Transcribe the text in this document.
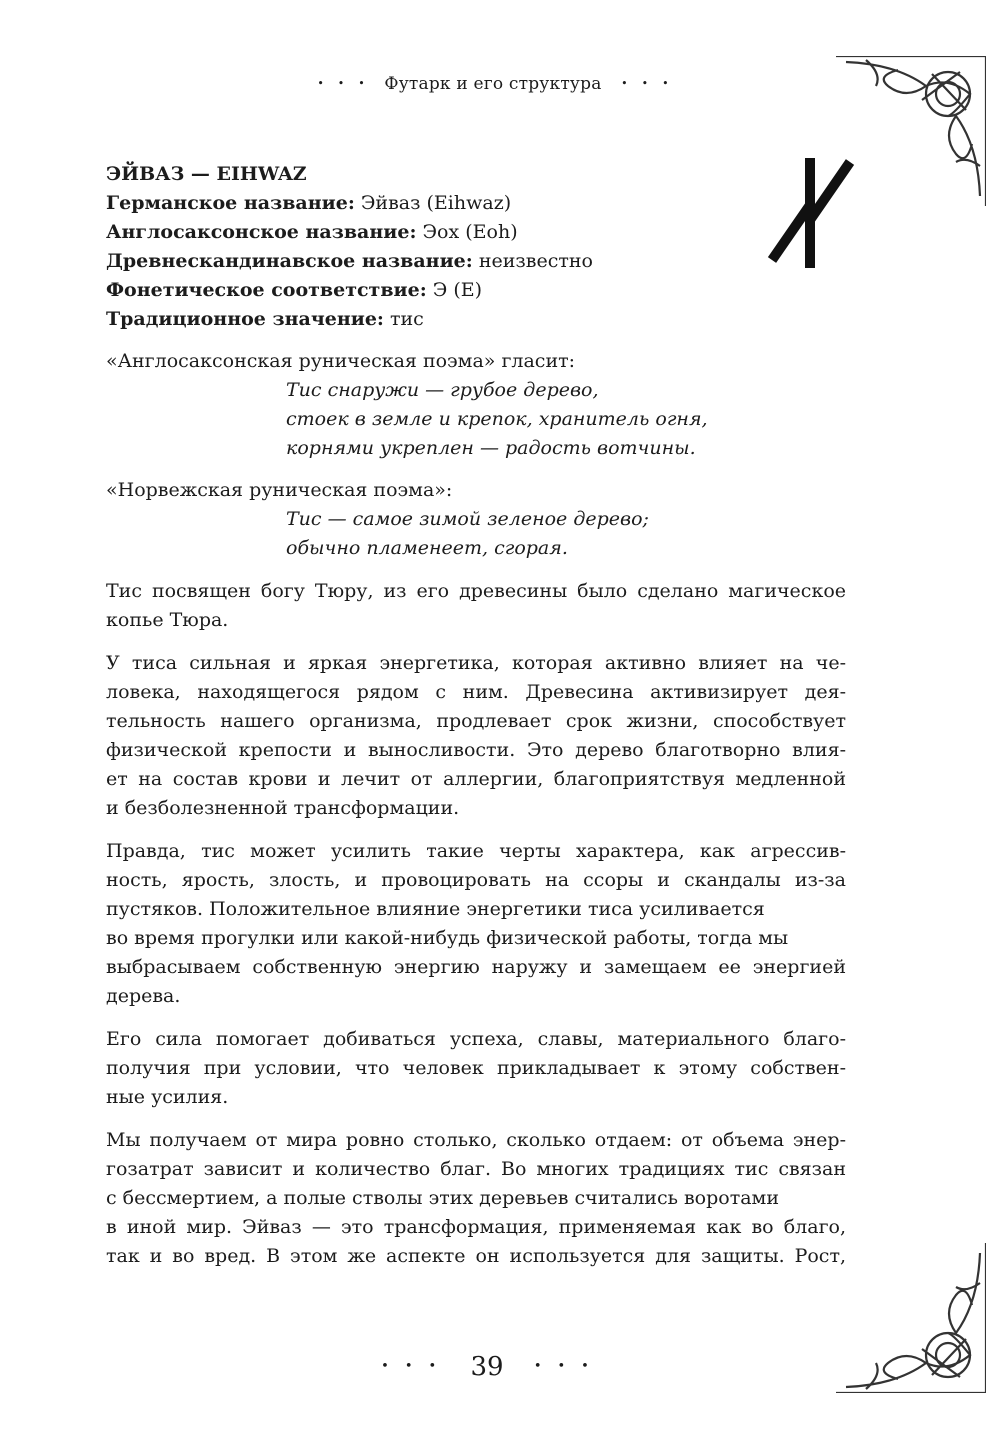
••• Футарк и его структура • • •

ЭЙВАЗ — EIHWAZ

Германское название: Эйваз (Eihwaz)

Англосаксонское название: Эох (Eoh)

Древнескандинавское название: неизвестно

Фонетическое соответствие: Э (E)

Традиционное значение: тис

«Англосаксонская руническая поэма» гласит:

Тис снаружи — грубое дерево,
стоек в земле и крепок, хранитель огня,
корнями укреплен — радость вотчины.

«Норвежская руническая поэма»:

Тис — самое зимой зеленое дерево;
обычно пламенеет, сгорая.

Тис посвящен богу Тюру, из его древесины было сделано магическое
копье Тюра.

У тиса сильная и яркая энергетика, которая активно влияет на че-
ловека, находящегося рядом с ним. Древесина активизирует дея-
тельность нашего организма, продлевает срок жизни, способствует
физической крепости и выносливости. Это дерево благотворно влия-
ет на состав крови и лечит от аллергии, благоприятствуя медленной
и безболезненной трансформации.

Правда, тис может усилить такие черты характера, как агрессив-
ность, ярость, злость, и провоцировать на ссоры и скандалы из-за
пустяков. Положительное влияние энергетики тиса усиливается
во время прогулки или какой-нибудь физической работы, тогда мы
выбрасываем собственную энергию наружу и замещаем ее энергией
дерева.

Его сила помогает добиваться успеха, славы, материального благо-
получия при условии, что человек прикладывает к этому собствен-
ные усилия.

Мы получаем от мира ровно столько, сколько отдаем: от объема энер-
гозатрат зависит и количество благ. Во многих традициях тис связан
с бессмертием, а полые стволы этих деревьев считались воротами
в иной мир. Эйваз — это трансформация, применяемая как во благо,
так и во вред. В этом же аспекте он используется для защиты. Рост,

••• 39 •••
